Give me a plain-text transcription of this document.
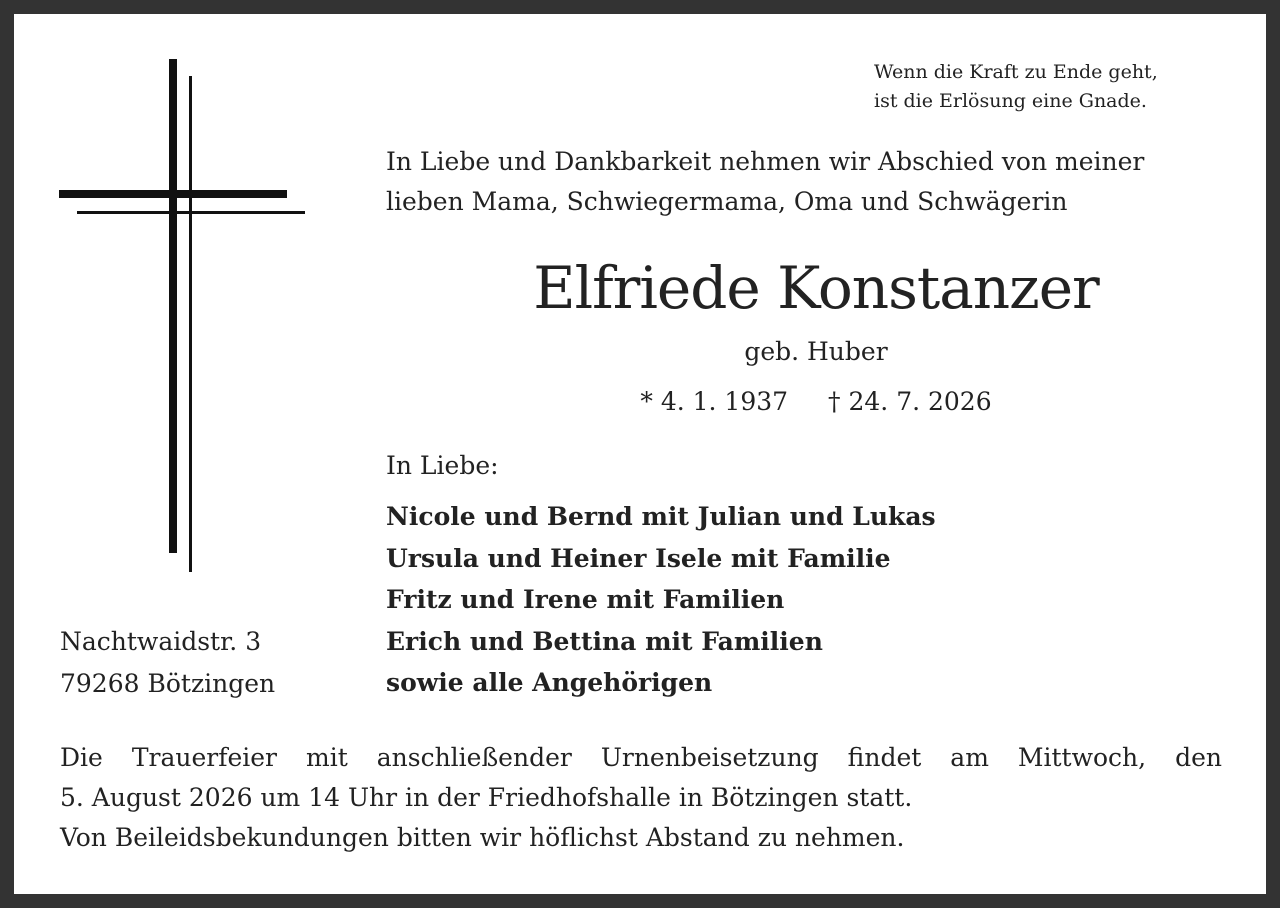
Wenn die Kraft zu Ende geht,
ist die Erlösung eine Gnade.
In Liebe und Dankbarkeit nehmen wir Abschied von meiner
lieben Mama, Schwiegermama, Oma und Schwägerin
Elfriede Konstanzer
geb. Huber
* 4. 1. 1937 † 24. 7. 2026
In Liebe:
Nicole und Bernd mit Julian und Lukas
Ursula und Heiner Isele mit Familie
Fritz und Irene mit Familien
Erich und Bettina mit Familien
sowie alle Angehörigen
Nachtwaidstr. 3
79268 Bötzingen
Die Trauerfeier mit anschließender Urnenbeisetzung findet am Mittwoch, den
5. August 2026 um 14 Uhr in der Friedhofshalle in Bötzingen statt.
Von Beileidsbekundungen bitten wir höflichst Abstand zu nehmen.
